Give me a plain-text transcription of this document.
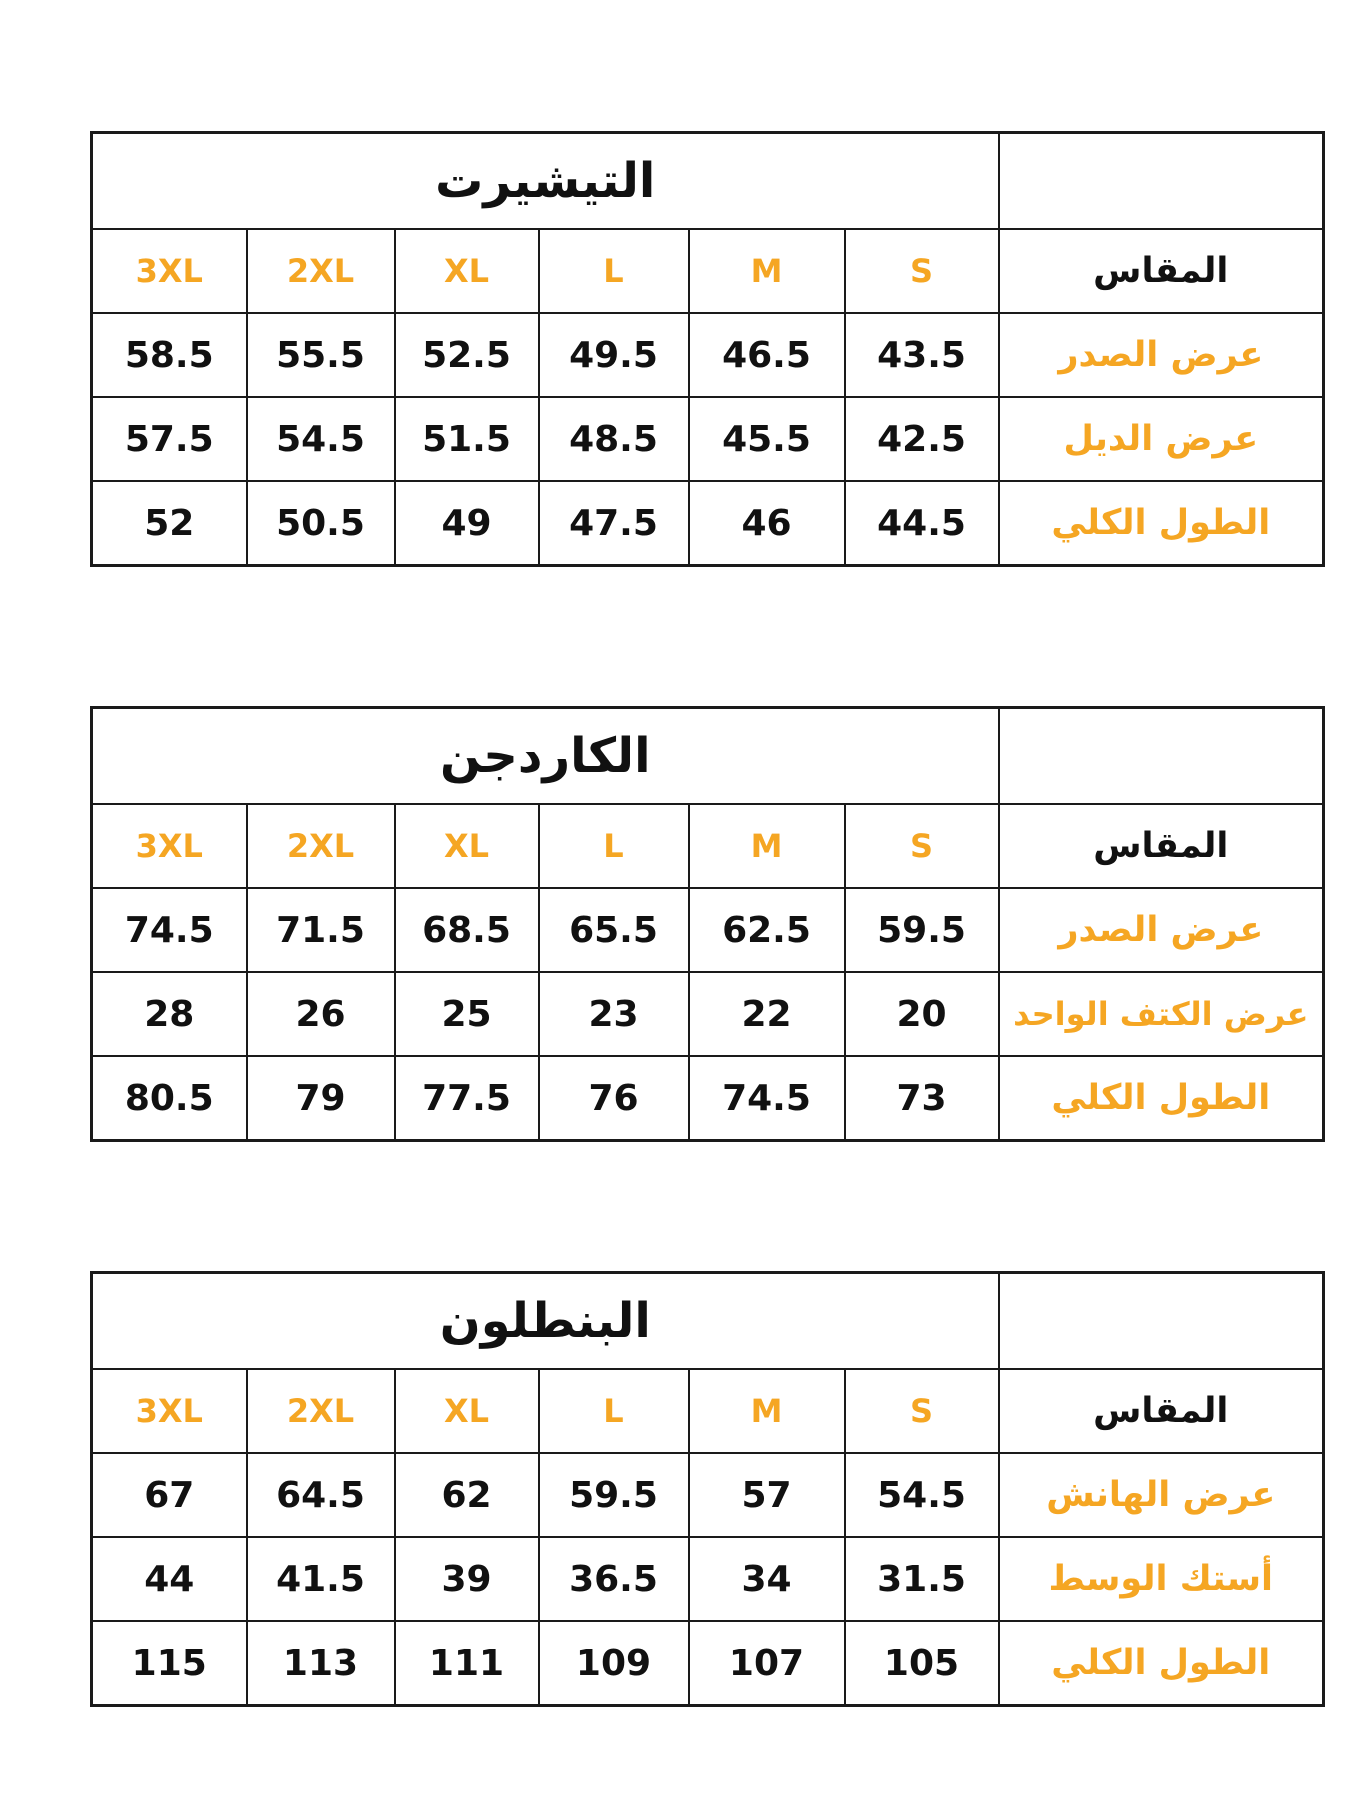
التيشيرت						
3XL	2XL	XL	L	M	S	المقاس
58.5	55.5	52.5	49.5	46.5	43.5	عرض الصدر
57.5	54.5	51.5	48.5	45.5	42.5	عرض الديل
52	50.5	49	47.5	46	44.5	الطول الكلي
الكاردجن						
3XL	2XL	XL	L	M	S	المقاس
74.5	71.5	68.5	65.5	62.5	59.5	عرض الصدر
28	26	25	23	22	20	عرض الكتف الواحد
80.5	79	77.5	76	74.5	73	الطول الكلي
البنطلون						
3XL	2XL	XL	L	M	S	المقاس
67	64.5	62	59.5	57	54.5	عرض الهانش
44	41.5	39	36.5	34	31.5	أستك الوسط
115	113	111	109	107	105	الطول الكلي
